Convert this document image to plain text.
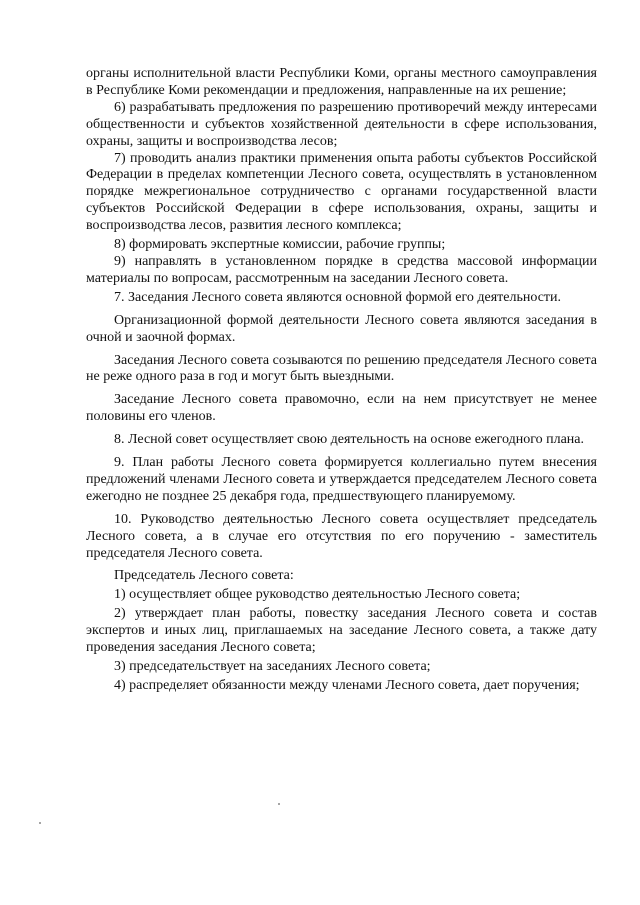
органы исполнительной власти Республики Коми, органы местного самоуправления в Республике Коми рекомендации и предложения, направленные на их решение;

6) разрабатывать предложения по разрешению противоречий между интересами общественности и субъектов хозяйственной деятельности в сфере использования, охраны, защиты и воспроизводства лесов;

7) проводить анализ практики применения опыта работы субъектов Российской Федерации в пределах компетенции Лесного совета, осуществлять в установленном порядке межрегиональное сотрудничество с органами государственной власти субъектов Российской Федерации в сфере использования, охраны, защиты и воспроизводства лесов, развития лесного комплекса;

8) формировать экспертные комиссии, рабочие группы;

9) направлять в установленном порядке в средства массовой информации материалы по вопросам, рассмотренным на заседании Лесного совета.

7. Заседания Лесного совета являются основной формой его деятельности.

Организационной формой деятельности Лесного совета являются заседания в очной и заочной формах.

Заседания Лесного совета созываются по решению председателя Лесного совета не реже одного раза в год и могут быть выездными.

Заседание Лесного совета правомочно, если на нем присутствует не менее половины его членов.

8. Лесной совет осуществляет свою деятельность на основе ежегодного плана.

9. План работы Лесного совета формируется коллегиально путем внесения предложений членами Лесного совета и утверждается председателем Лесного совета ежегодно не позднее 25 декабря года, предшествующего планируемому.

10. Руководство деятельностью Лесного совета осуществляет председатель Лесного совета, а в случае его отсутствия по его поручению - заместитель председателя Лесного совета.

Председатель Лесного совета:

1) осуществляет общее руководство деятельностью Лесного совета;

2) утверждает план работы, повестку заседания Лесного совета и состав экспертов и иных лиц, приглашаемых на заседание Лесного совета, а также дату проведения заседания Лесного совета;

3) председательствует на заседаниях Лесного совета;

4) распределяет обязанности между членами Лесного совета, дает поручения;
